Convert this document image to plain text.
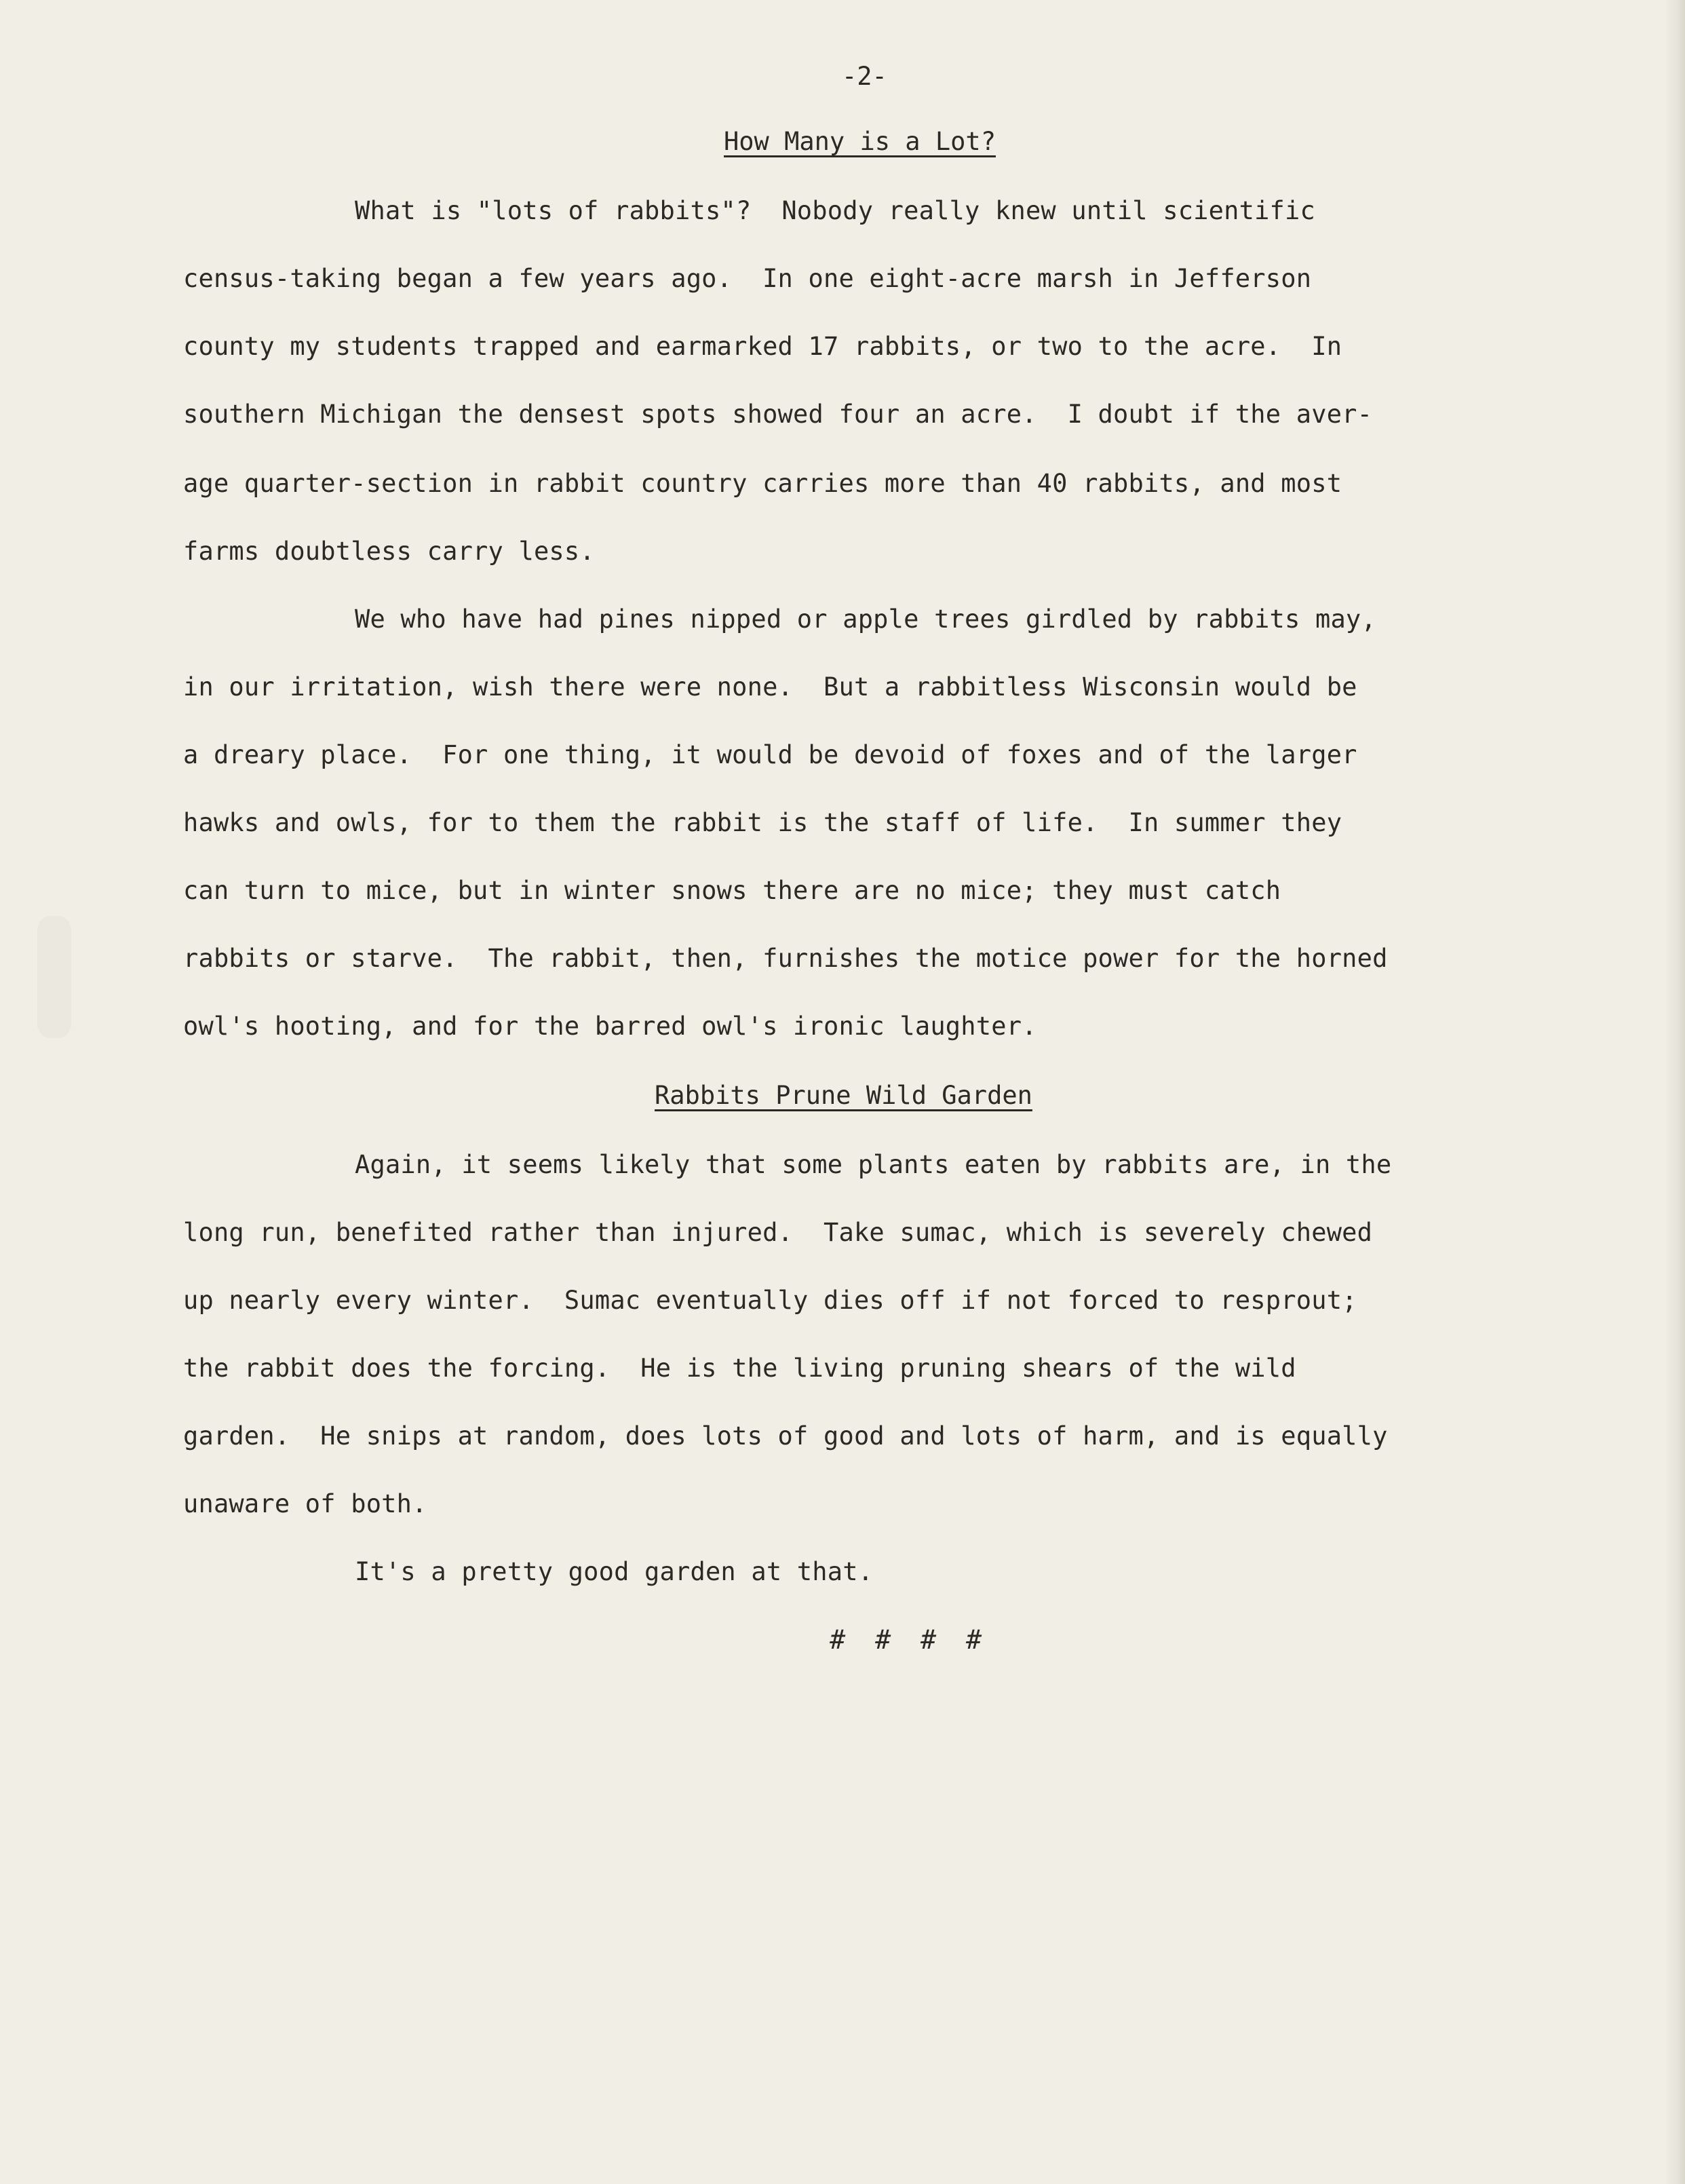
-2-
How Many is a Lot?

What is "lots of rabbits"?  Nobody really knew until scientific

census-taking began a few years ago.  In one eight-acre marsh in Jefferson

county my students trapped and earmarked 17 rabbits, or two to the acre.  In

southern Michigan the densest spots showed four an acre.  I doubt if the aver-

age quarter-section in rabbit country carries more than 40 rabbits, and most

farms doubtless carry less.

We who have had pines nipped or apple trees girdled by rabbits may,

in our irritation, wish there were none.  But a rabbitless Wisconsin would be

a dreary place.  For one thing, it would be devoid of foxes and of the larger

hawks and owls, for to them the rabbit is the staff of life.  In summer they

can turn to mice, but in winter snows there are no mice; they must catch

rabbits or starve.  The rabbit, then, furnishes the motice power for the horned

owl's hooting, and for the barred owl's ironic laughter.

Rabbits Prune Wild Garden

Again, it seems likely that some plants eaten by rabbits are, in the

long run, benefited rather than injured.  Take sumac, which is severely chewed

up nearly every winter.  Sumac eventually dies off if not forced to resprout;

the rabbit does the forcing.  He is the living pruning shears of the wild

garden.  He snips at random, does lots of good and lots of harm, and is equally

unaware of both.

It's a pretty good garden at that.

# # # #
